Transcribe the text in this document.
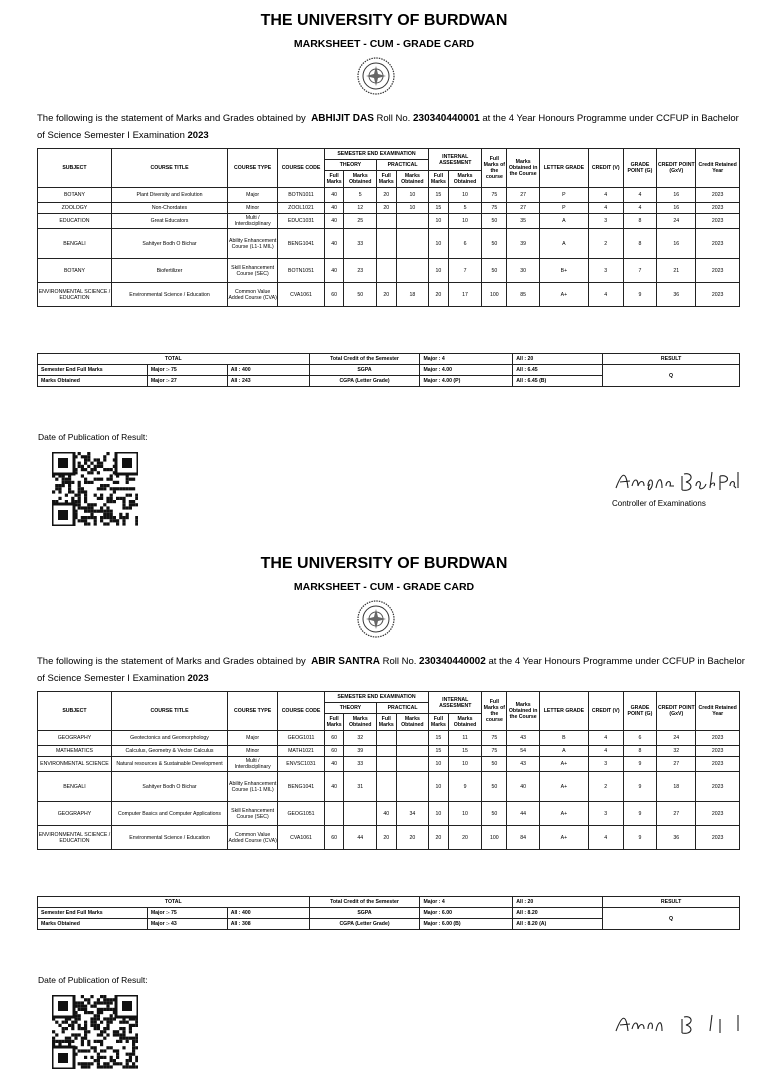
THE UNIVERSITY OF BURDWAN
MARKSHEET - CUM - GRADE CARD
The following is the statement of Marks and Grades obtained by ABHIJIT DAS Roll No. 230340440001 at the 4 Year Honours Programme under CCFUP in Bachelor of Science Semester I Examination 2023
SUBJECT	COURSE TITLE	COURSE TYPE	COURSE CODE	SEMESTER END EXAMINATION				INTERNAL ASSESMENT		Full Marks of the course	Marks Obtained in the Course	LETTER GRADE	CREDIT (V)	GRADE POINT (G)	CREDIT POINT (GxV)	Credit Retained Year
				THEORY		PRACTICAL										
				Full Marks	Marks Obtained	Full Marks	Marks Obtained	Full Marks	Marks Obtained							
BOTANY	Plant Diversity and Evolution	Major	BOTN1011	40	5	20	10	15	10	75	27	P	4	4	16	2023
ZOOLOGY	Non-Chordates	Minor	ZOOL1021	40	12	20	10	15	5	75	27	P	4	4	16	2023
EDUCATION	Great Educators	Multi / Interdisciplinary	EDUC1031	40	25			10	10	50	35	A	3	8	24	2023
BENGALI	Sahityer Bodh O Bichar	Ability Enhancement Course (L1-1 MIL)	BENG1041	40	33			10	6	50	39	A	2	8	16	2023
BOTANY	Biofertilizer	Skill Enhancement Course (SEC)	BOTN1051	40	23			10	7	50	30	B+	3	7	21	2023
ENVIRONMENTAL SCIENCE / EDUCATION	Environmental Science / Education	Common Value Added Course (CVA)	CVA1061	60	50	20	18	20	17	100	85	A+	4	9	36	2023
TOTAL			Total Credit of the Semester	Major : 4	All : 20	RESULT
Semester End Full Marks	Major :- 75	All : 400	SGPA	Major : 4.00	All : 6.45	Q
Marks Obtained	Major :- 27	All : 243	CGPA (Letter Grade)	Major : 4.00 (P)	All : 6.45 (B)	
Date of Publication of Result:
Controller of Examinations
THE UNIVERSITY OF BURDWAN
MARKSHEET - CUM - GRADE CARD
The following is the statement of Marks and Grades obtained by ABIR SANTRA Roll No. 230340440002 at the 4 Year Honours Programme under CCFUP in Bachelor of Science Semester I Examination 2023
SUBJECT	COURSE TITLE	COURSE TYPE	COURSE CODE	SEMESTER END EXAMINATION				INTERNAL ASSESMENT		Full Marks of the course	Marks Obtained in the Course	LETTER GRADE	CREDIT (V)	GRADE POINT (G)	CREDIT POINT (GxV)	Credit Retained Year
				THEORY		PRACTICAL										
				Full Marks	Marks Obtained	Full Marks	Marks Obtained	Full Marks	Marks Obtained							
GEOGRAPHY	Geotectonics and Geomorphology	Major	GEOG1011	60	32			15	11	75	43	B	4	6	24	2023
MATHEMATICS	Calculus, Geometry & Vector Calculus	Minor	MATH1021	60	39			15	15	75	54	A	4	8	32	2023
ENVIRONMENTAL SCIENCE	Natural resources & Sustainable Development	Multi / Interdisciplinary	ENVSC1031	40	33			10	10	50	43	A+	3	9	27	2023
BENGALI	Sahityer Bodh O Bichar	Ability Enhancement Course (L1-1 MIL)	BENG1041	40	31			10	9	50	40	A+	2	9	18	2023
GEOGRAPHY	Computer Basics and Computer Applications	Skill Enhancement Course (SEC)	GEOG1051			40	34	10	10	50	44	A+	3	9	27	2023
ENVIRONMENTAL SCIENCE / EDUCATION	Environmental Science / Education	Common Value Added Course (CVA)	CVA1061	60	44	20	20	20	20	100	84	A+	4	9	36	2023
TOTAL			Total Credit of the Semester	Major : 4	All : 20	RESULT
Semester End Full Marks	Major :- 75	All : 400	SGPA	Major : 6.00	All : 8.20	Q
Marks Obtained	Major :- 43	All : 308	CGPA (Letter Grade)	Major : 6.00 (B)	All : 8.20 (A)	
Date of Publication of Result:
